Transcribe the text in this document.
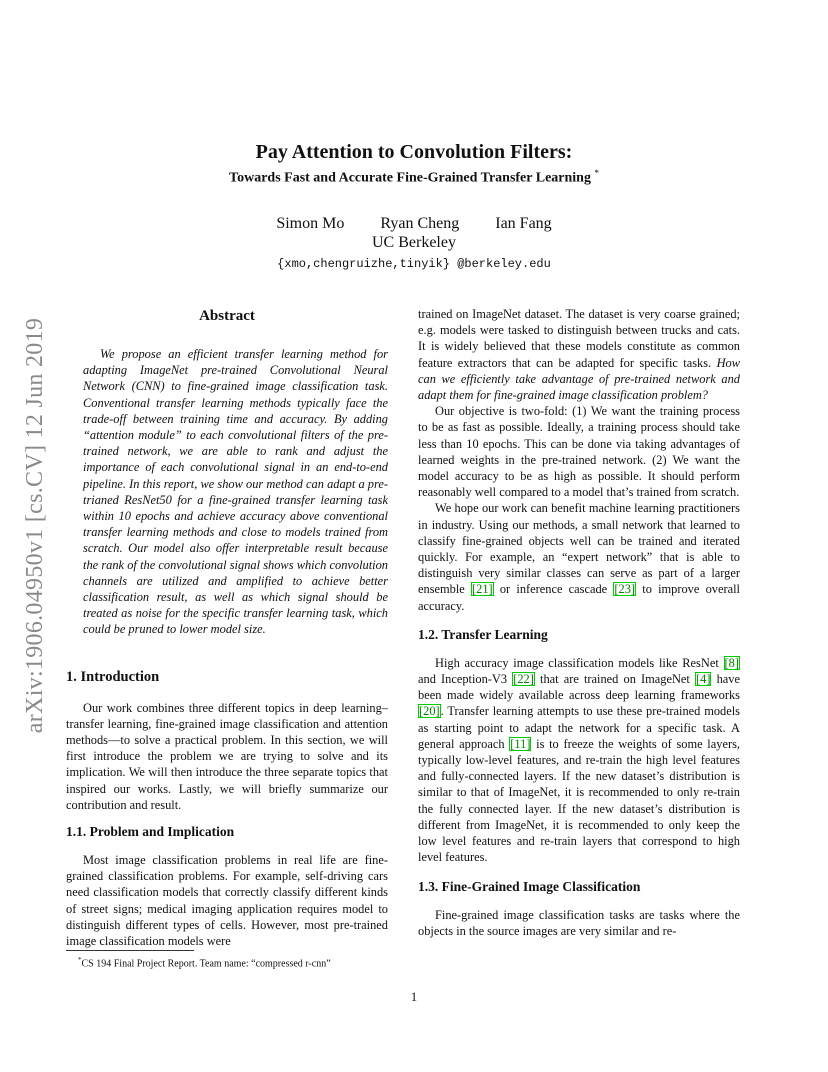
arXiv:1906.04950v1 [cs.CV] 12 Jun 2019
Pay Attention to Convolution Filters:
Towards Fast and Accurate Fine-Grained Transfer Learning *
Simon Mo Ryan Cheng Ian Fang
UC Berkeley
{xmo,chengruizhe,tinyik} @berkeley.edu
Abstract

We propose an efficient transfer learning method for adapting ImageNet pre-trained Convolutional Neural Network (CNN) to fine-grained image classification task. Conventional transfer learning methods typically face the trade-off between training time and accuracy. By adding “attention module” to each convolutional filters of the pre-trained network, we are able to rank and adjust the importance of each convolutional signal in an end-to-end pipeline. In this report, we show our method can adapt a pre-trianed ResNet50 for a fine-grained transfer learning task within 10 epochs and achieve accuracy above conventional transfer learning methods and close to models trained from scratch. Our model also offer interpretable result because the rank of the convolutional signal shows which convolution channels are utilized and amplified to achieve better classification result, as well as which signal should be treated as noise for the specific transfer learning task, which could be pruned to lower model size.

1. Introduction

Our work combines three different topics in deep learning–transfer learning, fine-grained image classification and attention methods—to solve a practical problem. In this section, we will first introduce the problem we are trying to solve and its implication. We will then introduce the three separate topics that inspired our works. Lastly, we will briefly summarize our contribution and result.

1.1. Problem and Implication

Most image classification problems in real life are fine-grained classification problems. For example, self-driving cars need classification models that correctly classify different kinds of street signs; medical imaging application requires model to distinguish different types of cells. However, most pre-trained image classification models were

trained on ImageNet dataset. The dataset is very coarse grained; e.g. models were tasked to distinguish between trucks and cats. It is widely believed that these models constitute as common feature extractors that can be adapted for specific tasks. How can we efficiently take advantage of pre-trained network and adapt them for fine-grained image classification problem?

Our objective is two-fold: (1) We want the training process to be as fast as possible. Ideally, a training process should take less than 10 epochs. This can be done via taking advantages of learned weights in the pre-trained network. (2) We want the model accuracy to be as high as possible. It should perform reasonably well compared to a model that’s trained from scratch.

We hope our work can benefit machine learning practitioners in industry. Using our methods, a small network that learned to classify fine-grained objects well can be trained and iterated quickly. For example, an “expert network” that is able to distinguish very similar classes can serve as part of a larger ensemble [21] or inference cascade [23] to improve overall accuracy.

1.2. Transfer Learning

High accuracy image classification models like ResNet [8] and Inception-V3 [22] that are trained on ImageNet [4] have been made widely available across deep learning frameworks [20]. Transfer learning attempts to use these pre-trained models as starting point to adapt the network for a specific task. A general approach [11] is to freeze the weights of some layers, typically low-level features, and re-train the high level features and fully-connected layers. If the new dataset’s distribution is similar to that of ImageNet, it is recommended to only re-train the fully connected layer. If the new dataset’s distribution is different from ImageNet, it is recommended to only keep the low level features and re-train layers that correspond to high level features.

1.3. Fine-Grained Image Classification

Fine-grained image classification tasks are tasks where the objects in the source images are very similar and re-

*CS 194 Final Project Report. Team name: “compressed r-cnn”
1
